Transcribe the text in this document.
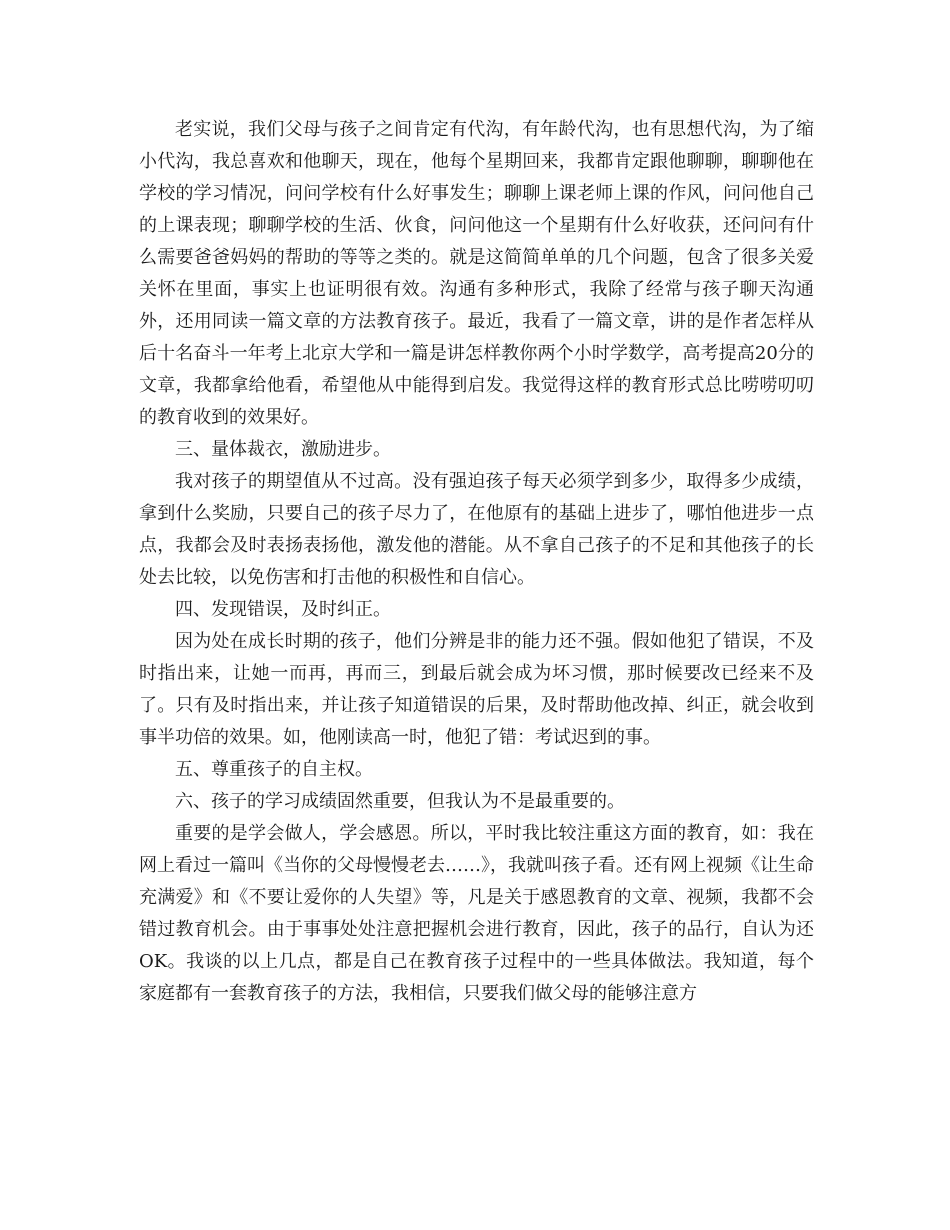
老实说，我们父母与孩子之间肯定有代沟，有年龄代沟，也有思想代沟，为了缩小代沟，我总喜欢和他聊天，现在，他每个星期回来，我都肯定跟他聊聊，聊聊他在学校的学习情况，问问学校有什么好事发生；聊聊上课老师上课的作风，问问他自己的上课表现；聊聊学校的生活、伙食，问问他这一个星期有什么好收获，还问问有什么需要爸爸妈妈的帮助的等等之类的。就是这简简单单的几个问题，包含了很多关爱关怀在里面，事实上也证明很有效。沟通有多种形式，我除了经常与孩子聊天沟通外，还用同读一篇文章的方法教育孩子。最近，我看了一篇文章，讲的是作者怎样从后十名奋斗一年考上北京大学和一篇是讲怎样教你两个小时学数学，高考提高20分的文章，我都拿给他看，希望他从中能得到启发。我觉得这样的教育形式总比唠唠叨叨的教育收到的效果好。

三、量体裁衣，激励进步。

我对孩子的期望值从不过高。没有强迫孩子每天必须学到多少，取得多少成绩，拿到什么奖励，只要自己的孩子尽力了，在他原有的基础上进步了，哪怕他进步一点点，我都会及时表扬表扬他，激发他的潜能。从不拿自己孩子的不足和其他孩子的长处去比较，以免伤害和打击他的积极性和自信心。

四、发现错误，及时纠正。

因为处在成长时期的孩子，他们分辨是非的能力还不强。假如他犯了错误，不及时指出来，让她一而再，再而三，到最后就会成为坏习惯，那时候要改已经来不及了。只有及时指出来，并让孩子知道错误的后果，及时帮助他改掉、纠正，就会收到事半功倍的效果。如，他刚读高一时，他犯了错：考试迟到的事。

五、尊重孩子的自主权。

六、孩子的学习成绩固然重要，但我认为不是最重要的。

重要的是学会做人，学会感恩。所以，平时我比较注重这方面的教育，如：我在网上看过一篇叫《当你的父母慢慢老去……》，我就叫孩子看。还有网上视频《让生命充满爱》和《不要让爱你的人失望》等，凡是关于感恩教育的文章、视频，我都不会错过教育机会。由于事事处处注意把握机会进行教育，因此，孩子的品行，自认为还OK。我谈的以上几点，都是自己在教育孩子过程中的一些具体做法。我知道，每个家庭都有一套教育孩子的方法，我相信，只要我们做父母的能够注意方
